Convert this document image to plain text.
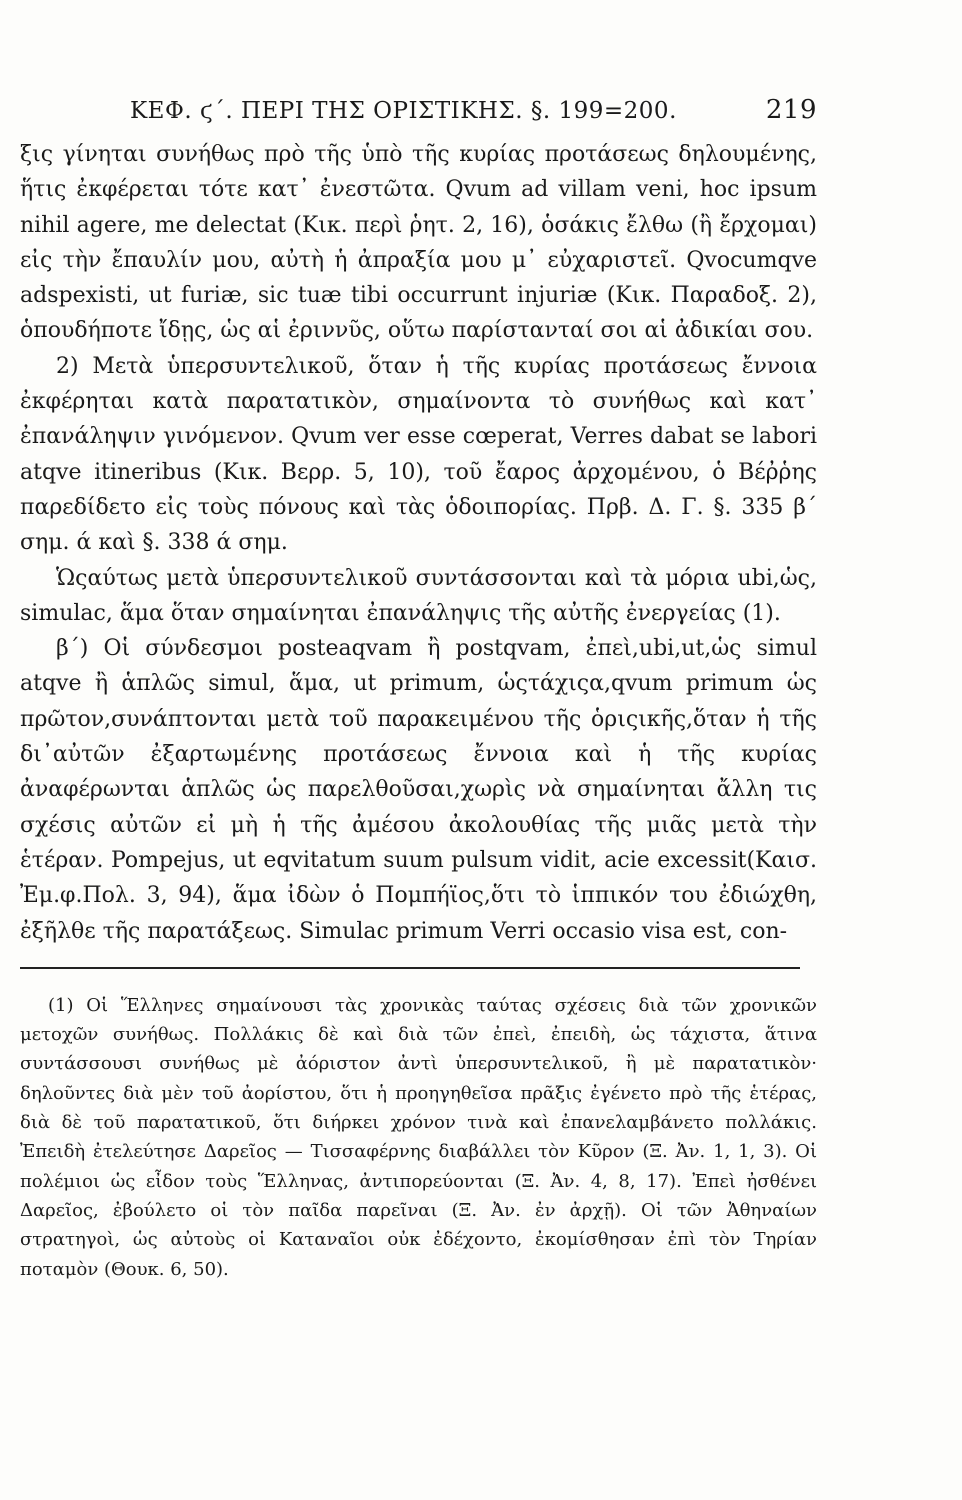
ΚΕΦ. ϛ΄. ΠΕΡΙ ΤΗΣ ΟΡΙΣΤΙΚΗΣ. §. 199=200.	219

ξις γίνηται συνήθως πρὸ τῆς ὑπὸ τῆς κυρίας προτάσεως δηλουμένης, ἥτις ἐκφέρεται τότε κατ᾽ ἐνεστῶτα. Qvum ad villam veni, hoc ipsum nihil agere, me delectat (Κικ. περὶ ῥητ. 2, 16), ὁσάκις ἔλθω (ἢ ἔρχομαι) εἰς τὴν ἔπαυλίν μου, αὐτὴ ἡ ἀπραξία μου μ᾽ εὐχαριστεῖ. Qvocumqve adspexisti, ut furiæ, sic tuæ tibi occurrunt injuriæ (Κικ. Παραδοξ. 2), ὁπουδήποτε ἴδῃς, ὡς αἱ ἐριννῦς, οὕτω παρίστανταί σοι αἱ ἀδικίαι σου.

2) Μετὰ ὑπερσυντελικοῦ, ὅταν ἡ τῆς κυρίας προτάσεως ἔννοια ἐκφέρηται κατὰ παρατατικὸν, σημαίνοντα τὸ συνήθως καὶ κατ᾽ ἐπανάληψιν γινόμενον. Qvum ver esse cœperat, Verres dabat se labori atqve itineribus (Κικ. Βερρ. 5, 10), τοῦ ἔαρος ἀρχομένου, ὁ Βέῤῥης παρεδίδετο εἰς τοὺς πόνους καὶ τὰς ὁδοιπορίας. Πρβ. Δ. Γ. §. 335 β΄ σημ. ά καὶ §. 338 ά σημ.

Ὡςαύτως μετὰ ὑπερσυντελικοῦ συντάσσονται καὶ τὰ μόρια ubi,ὡς, simulac, ἅμα ὅταν σημαίνηται ἐπανάληψις τῆς αὐτῆς ἐνεργείας (1).

β΄) Οἱ σύνδεσμοι posteaqvam ἢ postqvam, ἐπεὶ,ubi,ut,ὡς simul atqve ἢ ἁπλῶς simul, ἅμα, ut primum, ὡςτάχιςα,qvum primum ὡς πρῶτον,συνάπτονται μετὰ τοῦ παρακειμένου τῆς ὁριςικῆς,ὅταν ἡ τῆς δι᾽αὐτῶν ἐξαρτωμένης προτάσεως ἔννοια καὶ ἡ τῆς κυρίας ἀναφέρωνται ἁπλῶς ὡς παρελθοῦσαι,χωρὶς νὰ σημαίνηται ἄλλη τις σχέσις αὐτῶν εἰ μὴ ἡ τῆς ἀμέσου ἀκολουθίας τῆς μιᾶς μετὰ τὴν ἑτέραν. Pompejus, ut eqvitatum suum pulsum vidit, acie excessit(Καισ. Ἐμ.φ.Πολ. 3, 94), ἅμα ἰδὼν ὁ Πομπήϊος,ὅτι τὸ ἱππικόν του ἐδιώχθη, ἐξῆλθε τῆς παρατάξεως. Simulac primum Verri occasio visa est, con-

(1) Οἱ Ἕλληνες σημαίνουσι τὰς χρονικὰς ταύτας σχέσεις διὰ τῶν χρονικῶν μετοχῶν συνήθως. Πολλάκις δὲ καὶ διὰ τῶν ἐπεὶ, ἐπειδὴ, ὡς τάχιστα, ἅτινα συντάσσουσι συνήθως μὲ ἀόριστον ἀντὶ ὑπερσυντελικοῦ, ἢ μὲ παρατατικὸν· δηλοῦντες διὰ μὲν τοῦ ἀορίστου, ὅτι ἡ προηγηθεῖσα πρᾶξις ἐγένετο πρὸ τῆς ἑτέρας, διὰ δὲ τοῦ παρατατικοῦ, ὅτι διήρκει χρόνον τινὰ καὶ ἐπανελαμβάνετο πολλάκις. Ἐπειδὴ ἐτελεύτησε Δαρεῖος — Τισσαφέρνης διαβάλλει τὸν Κῦρον (Ξ. Ἀν. 1, 1, 3). Οἱ πολέμιοι ὡς εἶδον τοὺς Ἕλληνας, ἀντιπορεύονται (Ξ. Ἀν. 4, 8, 17). Ἐπεὶ ἠσθένει Δαρεῖος, ἐβούλετο οἱ τὸν παῖδα παρεῖναι (Ξ. Ἀν. ἐν ἀρχῇ). Οἱ τῶν Ἀθηναίων στρατηγοὶ, ὡς αὐτοὺς οἱ Καταναῖοι οὐκ ἐδέχοντο, ἐκομίσθησαν ἐπὶ τὸν Τηρίαν ποταμὸν (Θουκ. 6, 50).
